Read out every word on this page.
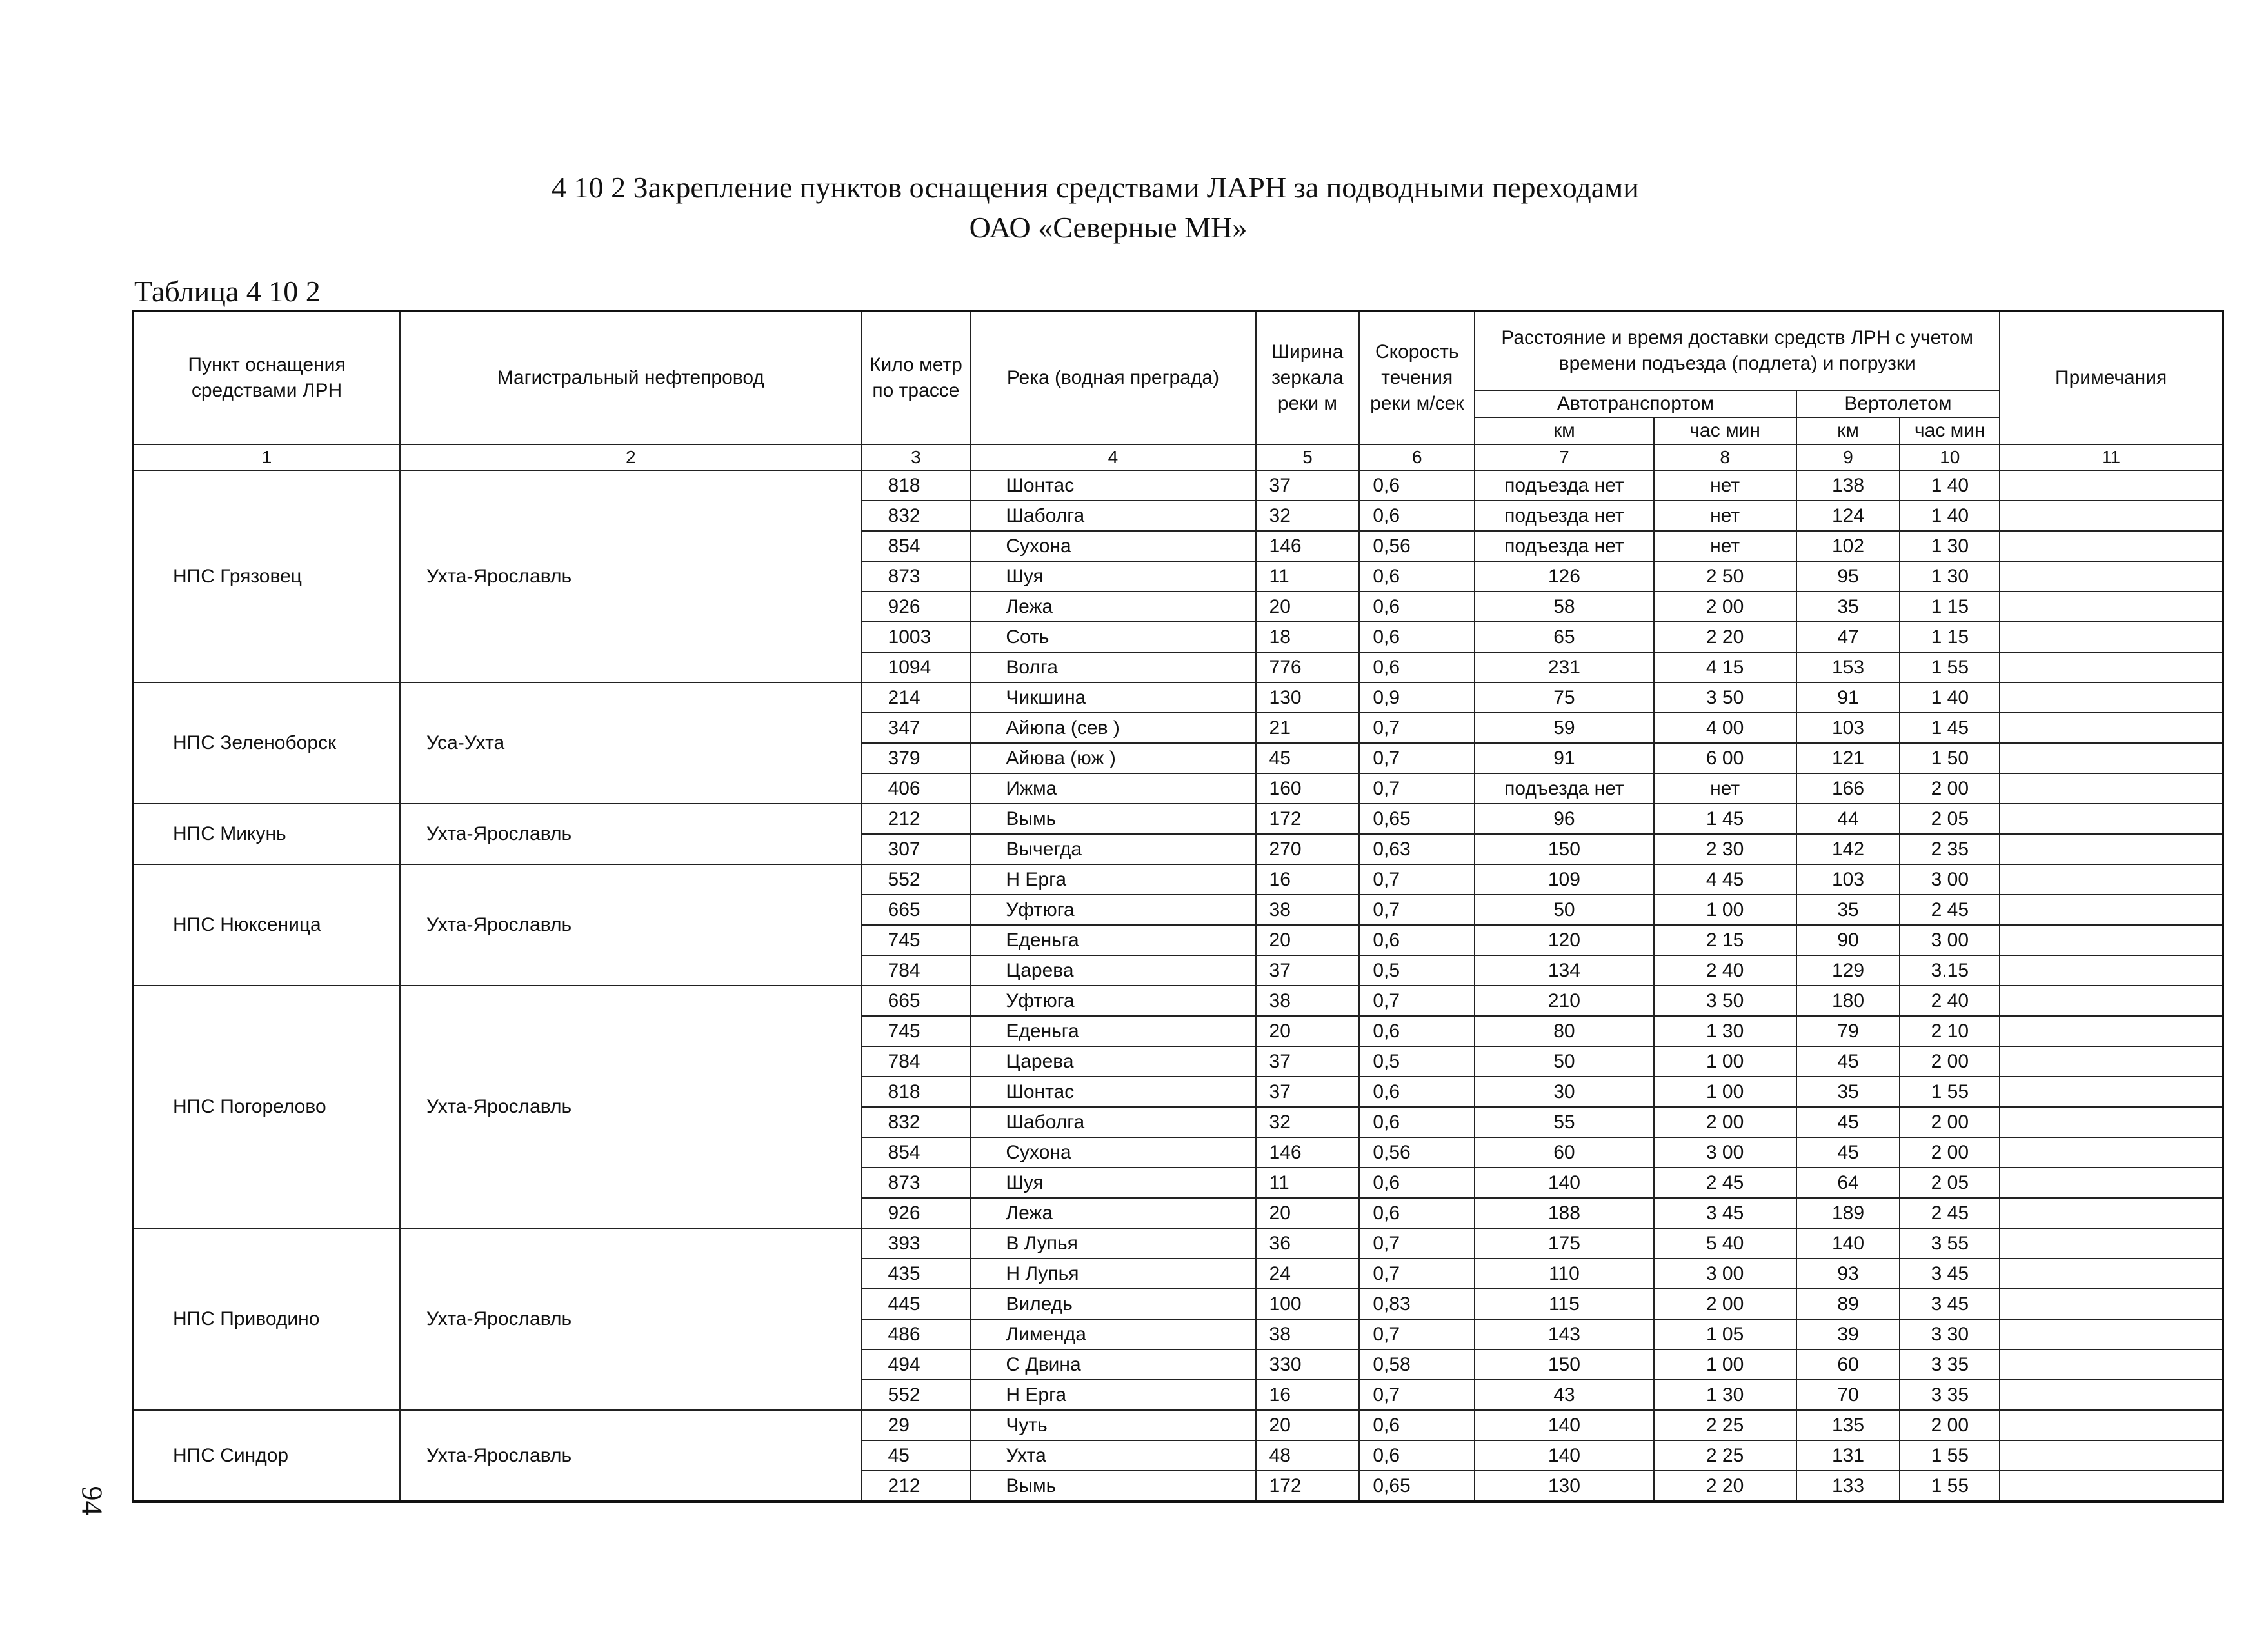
4 10 2 Закрепление пунктов оснащения средствами ЛАРН за подводными переходами
ОАО «Северные МН»
Таблица 4 10 2
94
Пункт оснащения средствами ЛРН	Магистральный нефтепровод	Кило метр по трассе	Река (водная преграда)	Ширина зеркала реки м	Скорость течения реки м/сек	Расстояние и время доставки средств ЛРН с учетом времени подъезда (подлета) и погрузки				Примечания
						Автотранспортом		Вертолетом		
						км	час мин	км	час мин	
1	2	3	4	5	6	7	8	9	10	11
НПС Грязовец	Ухта-Ярославль	818	Шонтас	37	0,6	подъезда нет	нет	138	1 40	
		832	Шаболга	32	0,6	подъезда нет	нет	124	1 40	
		854	Сухона	146	0,56	подъезда нет	нет	102	1 30	
		873	Шуя	11	0,6	126	2 50	95	1 30	
		926	Лежа	20	0,6	58	2 00	35	1 15	
		1003	Соть	18	0,6	65	2 20	47	1 15	
		1094	Волга	776	0,6	231	4 15	153	1 55	
НПС Зеленоборск	Уса-Ухта	214	Чикшина	130	0,9	75	3 50	91	1 40	
		347	Айюпа (сев )	21	0,7	59	4 00	103	1 45	
		379	Айюва (юж )	45	0,7	91	6 00	121	1 50	
		406	Ижма	160	0,7	подъезда нет	нет	166	2 00	
НПС Микунь	Ухта-Ярославль	212	Вымь	172	0,65	96	1 45	44	2 05	
		307	Вычегда	270	0,63	150	2 30	142	2 35	
НПС Нюксеница	Ухта-Ярославль	552	Н Ерга	16	0,7	109	4 45	103	3 00	
		665	Уфтюга	38	0,7	50	1 00	35	2 45	
		745	Еденьга	20	0,6	120	2 15	90	3 00	
		784	Царева	37	0,5	134	2 40	129	3.15	
НПС Погорелово	Ухта-Ярославль	665	Уфтюга	38	0,7	210	3 50	180	2 40	
		745	Еденьга	20	0,6	80	1 30	79	2 10	
		784	Царева	37	0,5	50	1 00	45	2 00	
		818	Шонтас	37	0,6	30	1 00	35	1 55	
		832	Шаболга	32	0,6	55	2 00	45	2 00	
		854	Сухона	146	0,56	60	3 00	45	2 00	
		873	Шуя	11	0,6	140	2 45	64	2 05	
		926	Лежа	20	0,6	188	3 45	189	2 45	
НПС Приводино	Ухта-Ярославль	393	В Лупья	36	0,7	175	5 40	140	3 55	
		435	Н Лупья	24	0,7	110	3 00	93	3 45	
		445	Виледь	100	0,83	115	2 00	89	3 45	
		486	Лименда	38	0,7	143	1 05	39	3 30	
		494	С Двина	330	0,58	150	1 00	60	3 35	
		552	Н Ерга	16	0,7	43	1 30	70	3 35	
НПС Синдор	Ухта-Ярославль	29	Чуть	20	0,6	140	2 25	135	2 00	
		45	Ухта	48	0,6	140	2 25	131	1 55	
		212	Вымь	172	0,65	130	2 20	133	1 55	
